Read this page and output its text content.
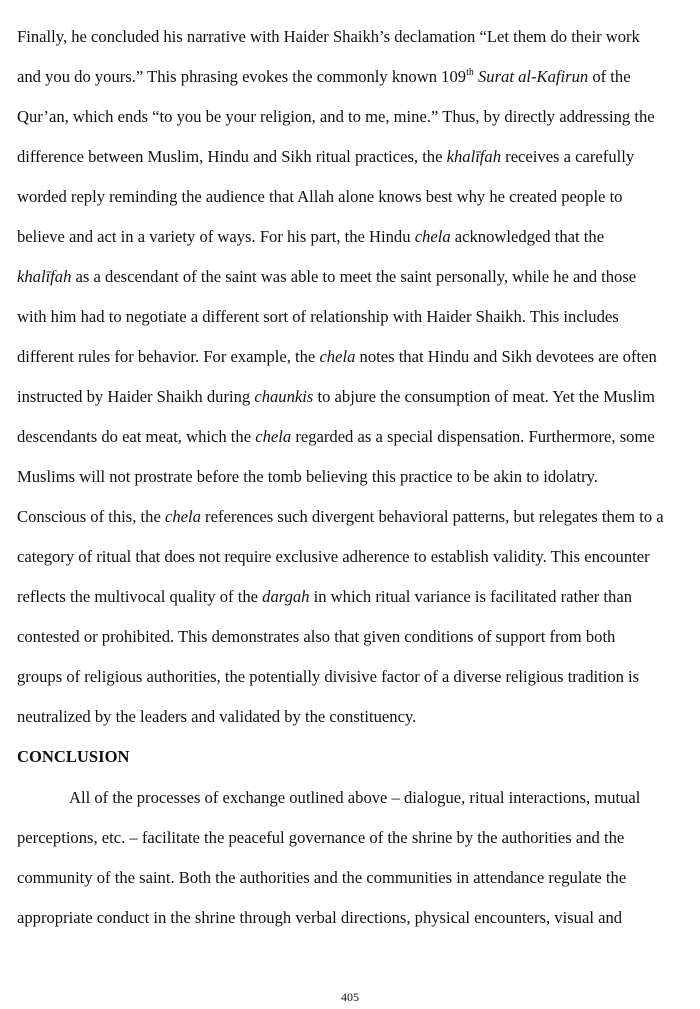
Finally, he concluded his narrative with Haider Shaikh’s declamation “Let them do their work
and you do yours.” This phrasing evokes the commonly known 109th Surat al-Kafirun of the
Qur’an, which ends “to you be your religion, and to me, mine.” Thus, by directly addressing the
difference between Muslim, Hindu and Sikh ritual practices, the khalīfah receives a carefully
worded reply reminding the audience that Allah alone knows best why he created people to
believe and act in a variety of ways. For his part, the Hindu chela acknowledged that the
khalīfah as a descendant of the saint was able to meet the saint personally, while he and those
with him had to negotiate a different sort of relationship with Haider Shaikh. This includes
different rules for behavior. For example, the chela notes that Hindu and Sikh devotees are often
instructed by Haider Shaikh during chaunkis to abjure the consumption of meat. Yet the Muslim
descendants do eat meat, which the chela regarded as a special dispensation. Furthermore, some
Muslims will not prostrate before the tomb believing this practice to be akin to idolatry.
Conscious of this, the chela references such divergent behavioral patterns, but relegates them to a
category of ritual that does not require exclusive adherence to establish validity. This encounter
reflects the multivocal quality of the dargah in which ritual variance is facilitated rather than
contested or prohibited. This demonstrates also that given conditions of support from both
groups of religious authorities, the potentially divisive factor of a diverse religious tradition is
neutralized by the leaders and validated by the constituency.
CONCLUSION
All of the processes of exchange outlined above – dialogue, ritual interactions, mutual
perceptions, etc. – facilitate the peaceful governance of the shrine by the authorities and the
community of the saint. Both the authorities and the communities in attendance regulate the
appropriate conduct in the shrine through verbal directions, physical encounters, visual and
405
